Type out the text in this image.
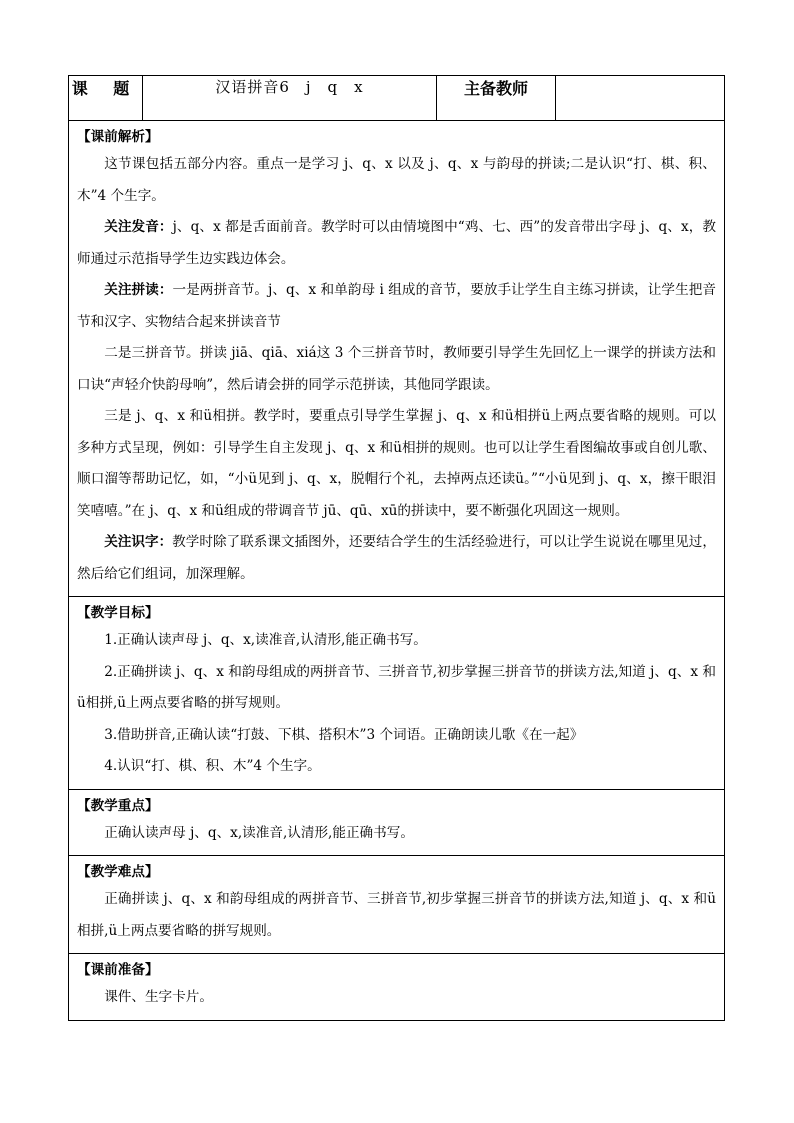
课 题	汉语拼音6　j　q　x	主备教师	

【课前解析】

这节课包括五部分内容。重点一是学习 j、q、x 以及 j、q、x 与韵母的拼读;二是认识“打、棋、积、木”4 个生字。

关注发音：j、q、x 都是舌面前音。教学时可以由情境图中“鸡、七、西”的发音带出字母 j、q、x，教师通过示范指导学生边实践边体会。

关注拼读：一是两拼音节。j、q、x 和单韵母 i 组成的音节，要放手让学生自主练习拼读，让学生把音节和汉字、实物结合起来拼读音节

二是三拼音节。拼读 jiā、qiā、xiá这 3 个三拼音节时，教师要引导学生先回忆上一课学的拼读方法和口诀“声轻介快韵母响”，然后请会拼的同学示范拼读，其他同学跟读。

三是 j、q、x 和ü相拼。教学时，要重点引导学生掌握 j、q、x 和ü相拼ü上两点要省略的规则。可以多种方式呈现，例如：引导学生自主发现 j、q、x 和ü相拼的规则。也可以让学生看图编故事或自创儿歌、顺口溜等帮助记忆，如，“小ü见到 j、q、x，脱帽行个礼，去掉两点还读ü。”“小ü见到 j、q、x，擦干眼泪笑嘻嘻。”在 j、q、x 和ü组成的带调音节 jū、qū、xū的拼读中，要不断强化巩固这一规则。

关注识字：教学时除了联系课文插图外，还要结合学生的生活经验进行，可以让学生说说在哪里见过，然后给它们组词，加深理解。

【教学目标】

1.正确认读声母 j、q、x,读准音,认清形,能正确书写。

2.正确拼读 j、q、x 和韵母组成的两拼音节、三拼音节,初步掌握三拼音节的拼读方法,知道 j、q、x 和ü相拼,ü上两点要省略的拼写规则。

3.借助拼音,正确认读“打鼓、下棋、搭积木”3 个词语。正确朗读儿歌《在一起》

4.认识“打、棋、积、木”4 个生字。

【教学重点】

正确认读声母 j、q、x,读准音,认清形,能正确书写。

【教学难点】

正确拼读 j、q、x 和韵母组成的两拼音节、三拼音节,初步掌握三拼音节的拼读方法,知道 j、q、x 和ü相拼,ü上两点要省略的拼写规则。

【课前准备】

课件、生字卡片。
